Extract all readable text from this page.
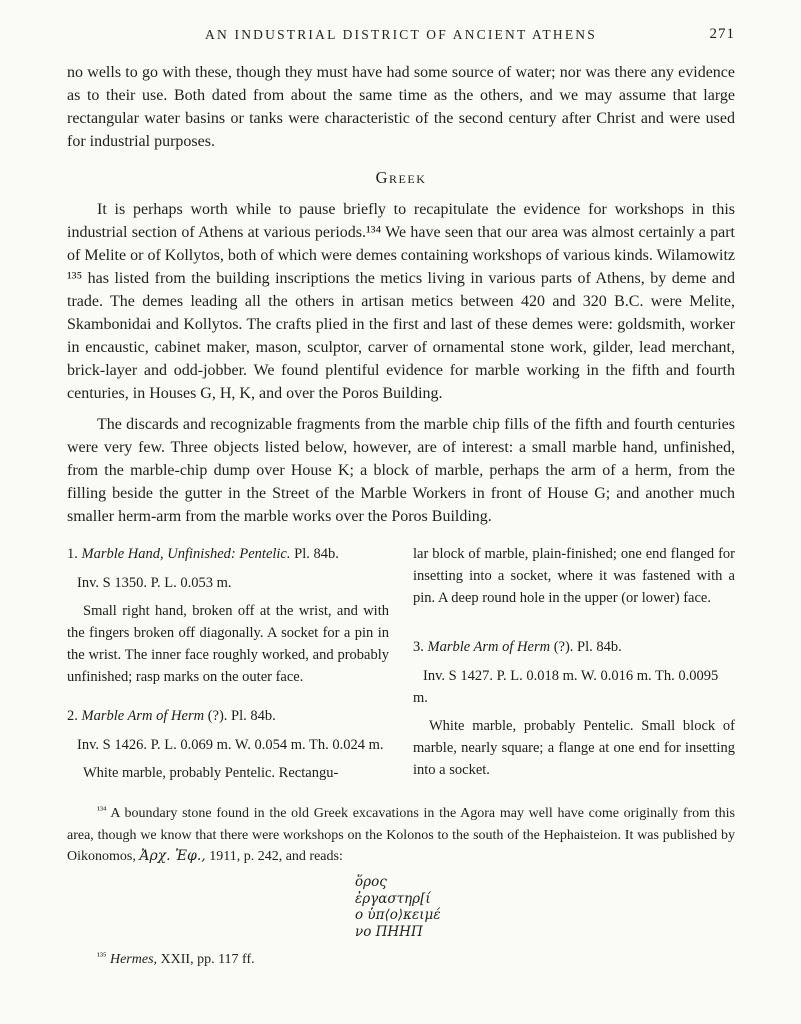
AN INDUSTRIAL DISTRICT OF ANCIENT ATHENS	271

no wells to go with these, though they must have had some source of water; nor was there any evidence as to their use. Both dated from about the same time as the others, and we may assume that large rectangular water basins or tanks were characteristic of the second century after Christ and were used for industrial purposes.

Greek

It is perhaps worth while to pause briefly to recapitulate the evidence for workshops in this industrial section of Athens at various periods.¹³⁴ We have seen that our area was almost certainly a part of Melite or of Kollytos, both of which were demes containing workshops of various kinds. Wilamowitz ¹³⁵ has listed from the building inscriptions the metics living in various parts of Athens, by deme and trade. The demes leading all the others in artisan metics between 420 and 320 B.C. were Melite, Skambonidai and Kollytos. The crafts plied in the first and last of these demes were: goldsmith, worker in encaustic, cabinet maker, mason, sculptor, carver of ornamental stone work, gilder, lead merchant, brick-layer and odd-jobber. We found plentiful evidence for marble working in the fifth and fourth centuries, in Houses G, H, K, and over the Poros Building.

The discards and recognizable fragments from the marble chip fills of the fifth and fourth centuries were very few. Three objects listed below, however, are of interest: a small marble hand, unfinished, from the marble-chip dump over House K; a block of marble, perhaps the arm of a herm, from the filling beside the gutter in the Street of the Marble Workers in front of House G; and another much smaller herm-arm from the marble works over the Poros Building.

1. Marble Hand, Unfinished: Pentelic. Pl. 84b.

Inv. S 1350. P. L. 0.053 m.

Small right hand, broken off at the wrist, and with the fingers broken off diagonally. A socket for a pin in the wrist. The inner face roughly worked, and probably unfinished; rasp marks on the outer face.

2. Marble Arm of Herm (?). Pl. 84b.

Inv. S 1426. P. L. 0.069 m. W. 0.054 m. Th. 0.024 m.

White marble, probably Pentelic. Rectangu-

lar block of marble, plain-finished; one end flanged for insetting into a socket, where it was fastened with a pin. A deep round hole in the upper (or lower) face.

3. Marble Arm of Herm (?). Pl. 84b.

Inv. S 1427. P. L. 0.018 m. W. 0.016 m. Th. 0.0095 m.

White marble, probably Pentelic. Small block of marble, nearly square; a flange at one end for insetting into a socket.

$^{^{134}}$ A boundary stone found in the old Greek excavations in the Agora may well have come originally from this area, though we know that there were workshops on the Kolonos to the south of the Hephaisteion. It was published by Oikonomos, Ἀρχ. Ἐφ., 1911, p. 242, and reads:

ὅρος
ἐργαστηρ[ί
ο ὑπ⟨ο⟩κειμέ
νο ΠΗΗΠ

$^{^{135}}$ Hermes, XXII, pp. 117 ff.
